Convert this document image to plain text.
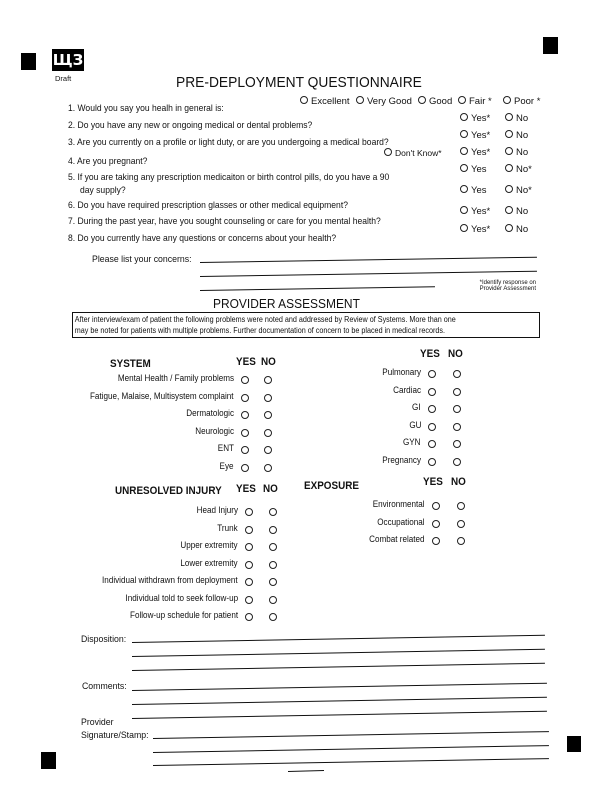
ЩЗ
Draft	PRE-DEPLOYMENT QUESTIONNAIRE
1. Would you say you healh in general is:
Excellent	Very Good	Good	Fair *	Poor *
2. Do you have any new or ongoing medical or dental problems?
Yes*	No
3. Are you currently on a profile or light duty, or are you undergoing a medical board?
Yes*	No
4. Are you pregnant?
Don't Know*	Yes*	No
5. If you are taking any prescription medicaiton or birth control pills, do you have a 90
day supply?
Yes	No*
6. Do you have required prescription glasses or other medical equipment?
Yes	No*
7. During the past year, have you sought counseling or care for you mental health?
Yes*	No
8. Do you currently have any questions or concerns about your health?
Yes*	No
Please list your concerns:
*Identify response on
Provider Assessment
PROVIDER ASSESSMENT
After interview/exam of patient the following problems were noted and addressed by Review of Systems. More than one
may be noted for patients with multiple problems. Further documentation of concern to be placed in medical records.
SYSTEM	YES NO
Mental Health / Family problems
Fatigue, Malaise, Multisystem complaint
Dermatologic
Neurologic
ENT
Eye
YES NO
Pulmonary
Cardiac
GI
GU
GYN
Pregnancy
UNRESOLVED INJURY YES NO
Head Injury
Trunk
Upper extremity
Lower extremity
Individual withdrawn from deployment
Individual told to seek follow-up
Follow-up schedule for patient
EXPOSURE	YES NO
Environmental
Occupational
Combat related
Disposition:
Comments:
Provider
Signature/Stamp:
SAMPLE
Not For Official Use
